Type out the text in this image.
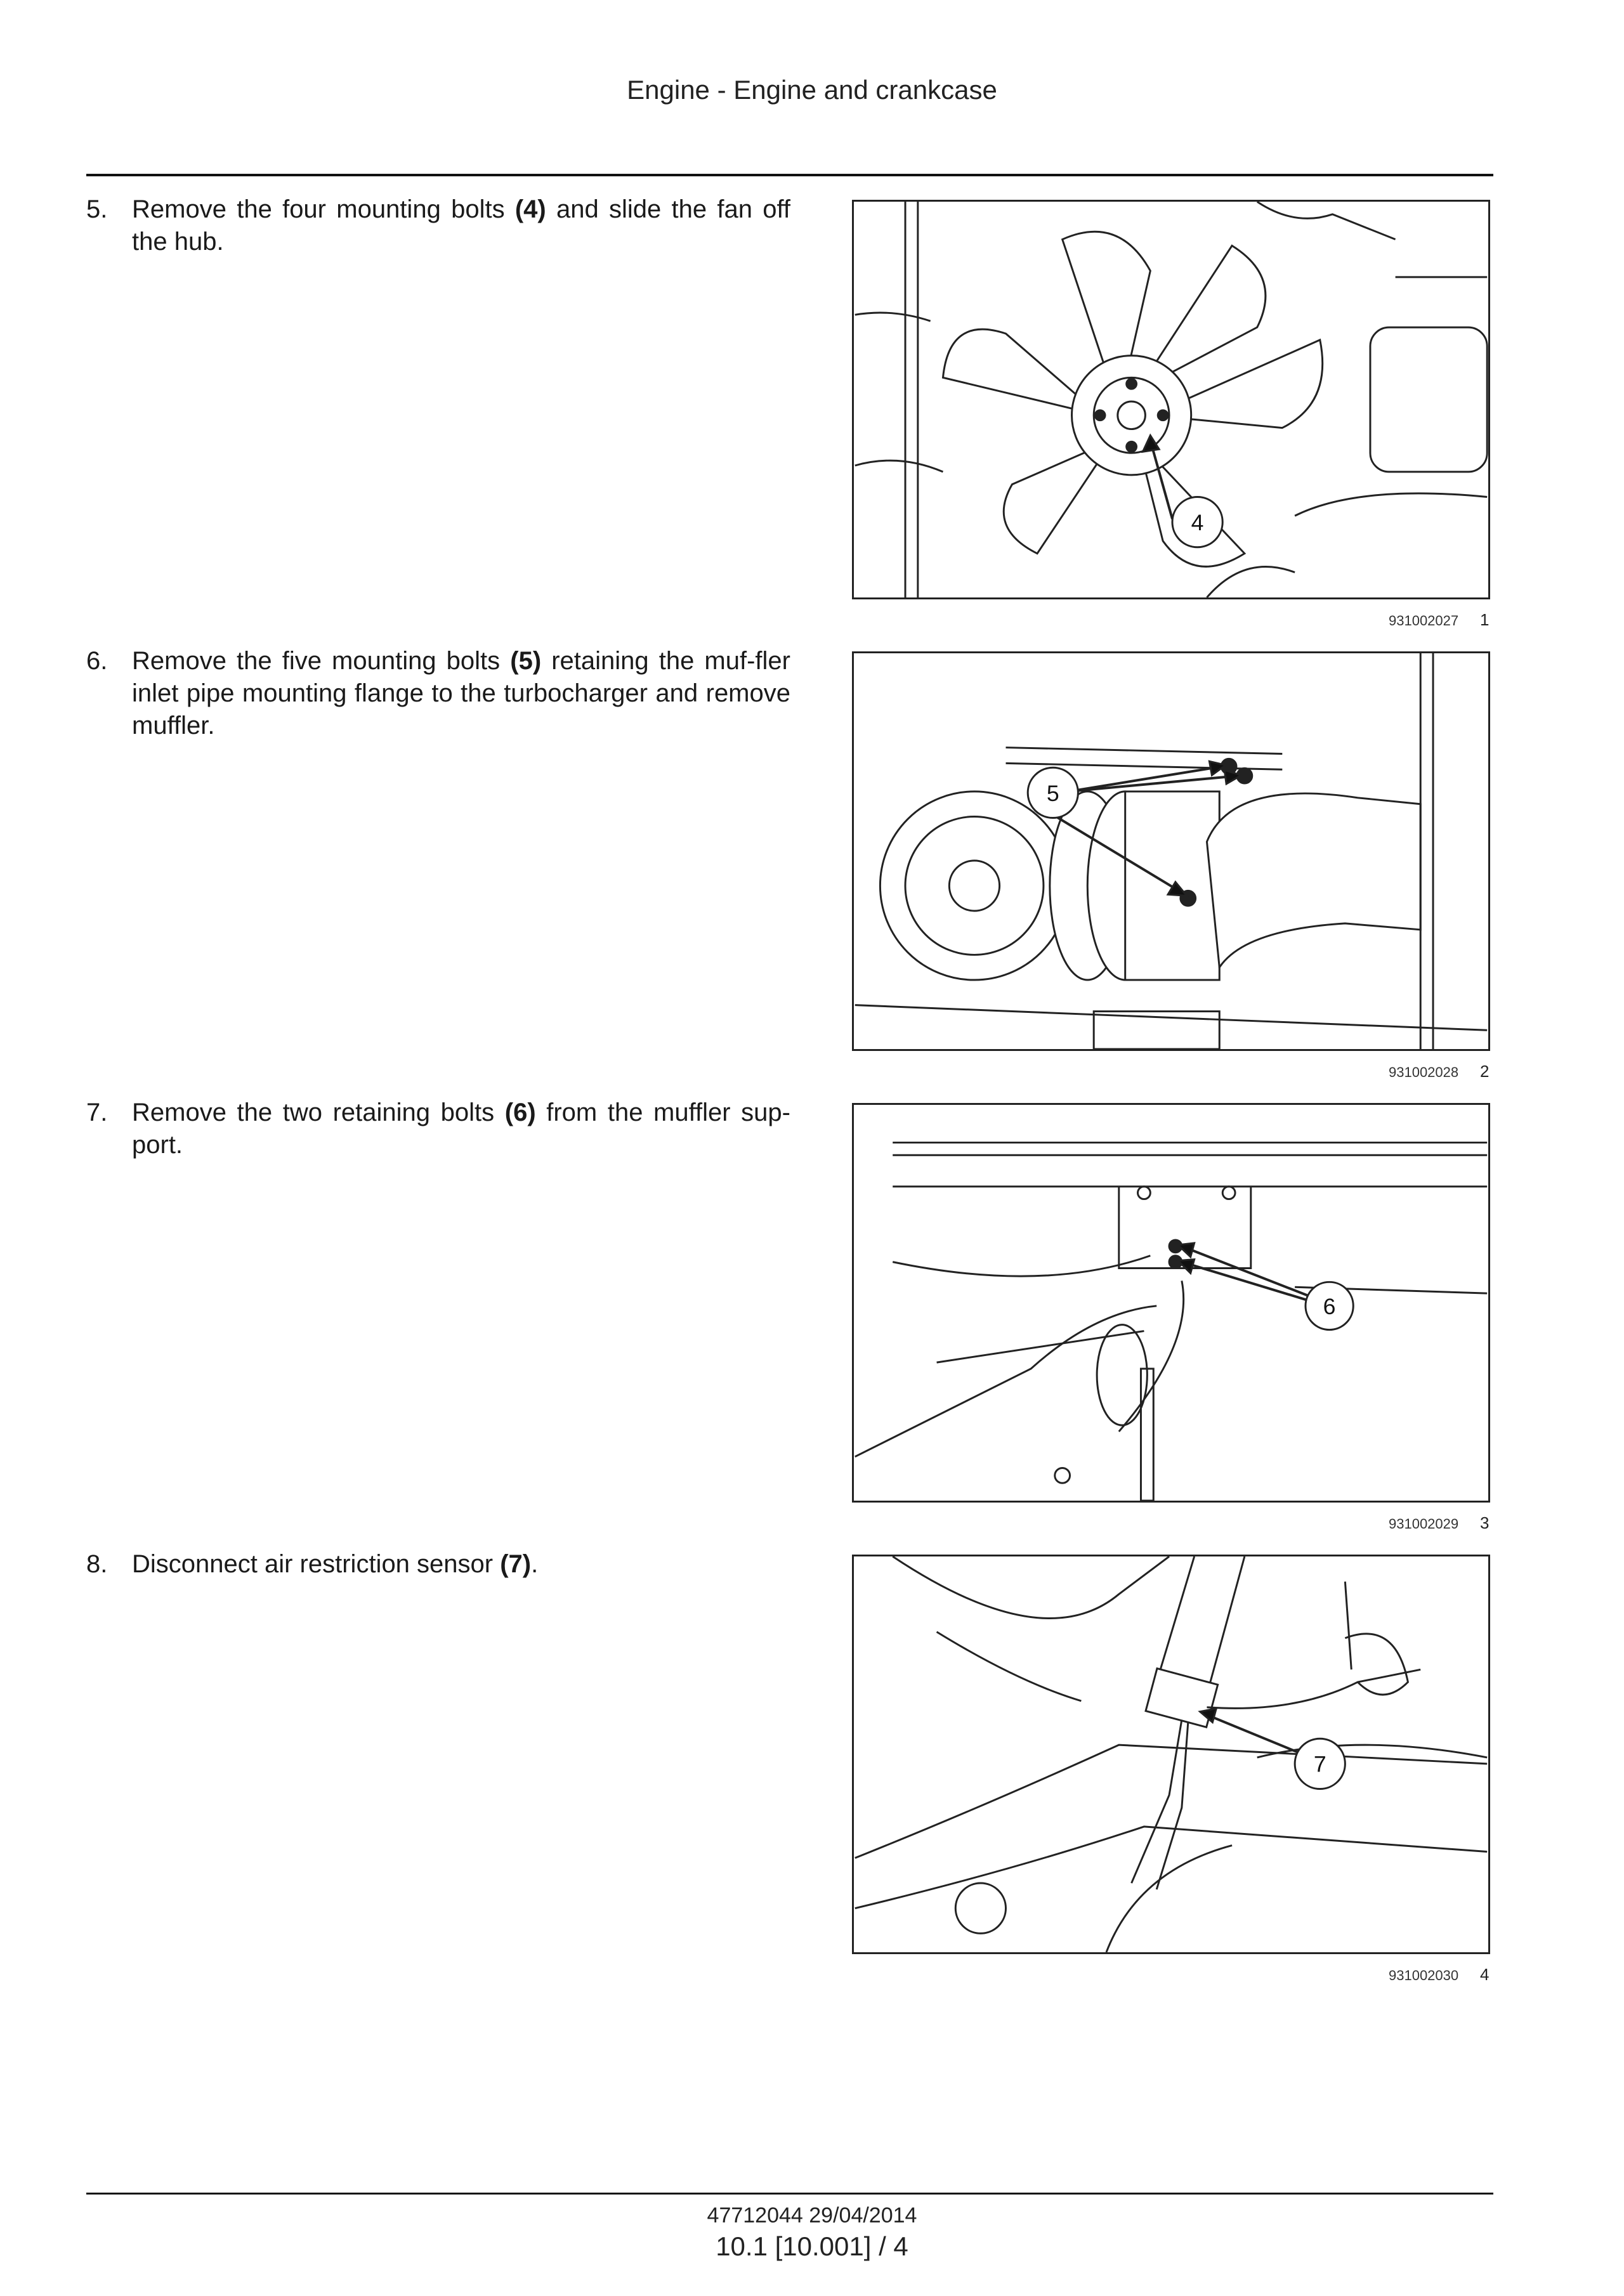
Engine - Engine and crankcase
5. Remove the four mounting bolts (4) and slide the fan off the hub.
4
931002027 1
6. Remove the five mounting bolts (5) retaining the muf-fler inlet pipe mounting flange to the turbocharger and remove muffler.
5
931002028 2
7. Remove the two retaining bolts (6) from the muffler sup-port.
6
931002029 3
8. Disconnect air restriction sensor (7).
7
931002030 4
47712044 29/04/2014
10.1 [10.001] / 4
